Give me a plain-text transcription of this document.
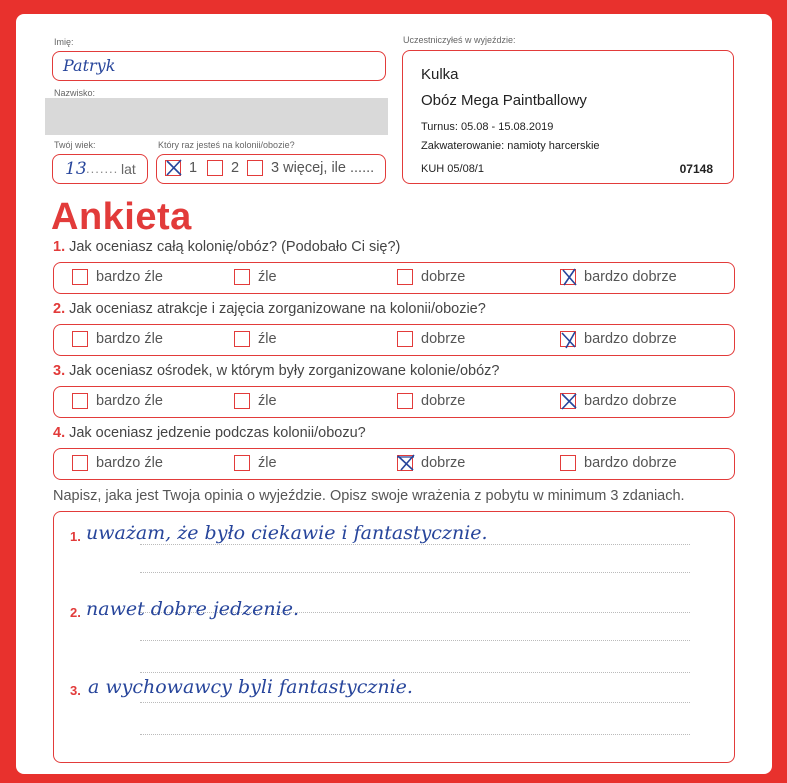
Imię:
Patryk
Nazwisko:
Twój wiek:
13 ....... lat
Który raz jesteś na kolonii/obozie?
1 2 3 więcej, ile ......
Uczestniczyłeś w wyjeździe:
Kulka
Obóz Mega Paintballowy
Turnus: 05.08 - 15.08.2019
Zakwaterowanie: namioty harcerskie
KUH 05/08/1	07148
Ankieta
1. Jak oceniasz całą kolonię/obóz? (Podobało Ci się?)
bardzo źle	źle	dobrze	bardzo dobrze
2. Jak oceniasz atrakcje i zajęcia zorganizowane na kolonii/obozie?
bardzo źle	źle	dobrze	bardzo dobrze
3. Jak oceniasz ośrodek, w którym były zorganizowane kolonie/obóz?
bardzo źle	źle	dobrze	bardzo dobrze
4. Jak oceniasz jedzenie podczas kolonii/obozu?
bardzo źle	źle	dobrze	bardzo dobrze
Napisz, jaka jest Twoja opinia o wyjeździe. Opisz swoje wrażenia z pobytu w minimum 3 zdaniach.
1. uważam, że było ciekawie i fantastycznie.
2. nawet dobre jedzenie.
3. a wychowawcy byli fantastycznie.
